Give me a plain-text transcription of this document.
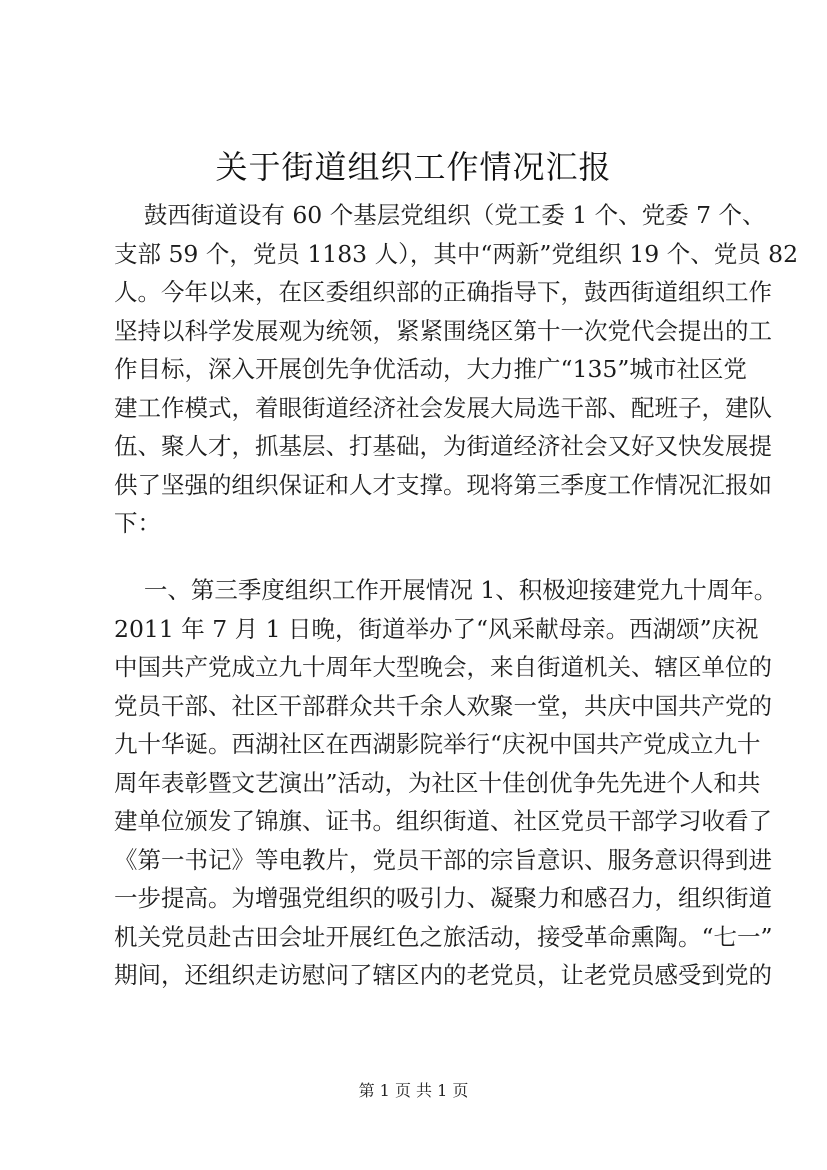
关于街道组织工作情况汇报
鼓西街道设有 60 个基层党组织（党工委 1 个、党委 7 个、
支部 59 个，党员 1183 人），其中“两新”党组织 19 个、党员 82
人。今年以来，在区委组织部的正确指导下，鼓西街道组织工作
坚持以科学发展观为统领，紧紧围绕区第十一次党代会提出的工
作目标，深入开展创先争优活动，大力推广“135”城市社区党
建工作模式，着眼街道经济社会发展大局选干部、配班子，建队
伍、聚人才，抓基层、打基础，为街道经济社会又好又快发展提
供了坚强的组织保证和人才支撑。现将第三季度工作情况汇报如
下：
一、第三季度组织工作开展情况 1、积极迎接建党九十周年。
2011 年 7 月 1 日晚，街道举办了“风采献母亲。西湖颂”庆祝
中国共产党成立九十周年大型晚会，来自街道机关、辖区单位的
党员干部、社区干部群众共千余人欢聚一堂，共庆中国共产党的
九十华诞。西湖社区在西湖影院举行“庆祝中国共产党成立九十
周年表彰暨文艺演出”活动，为社区十佳创优争先先进个人和共
建单位颁发了锦旗、证书。组织街道、社区党员干部学习收看了
《第一书记》等电教片，党员干部的宗旨意识、服务意识得到进
一步提高。为增强党组织的吸引力、凝聚力和感召力，组织街道
机关党员赴古田会址开展红色之旅活动，接受革命熏陶。“七一”
期间，还组织走访慰问了辖区内的老党员，让老党员感受到党的
第 1 页 共 1 页
